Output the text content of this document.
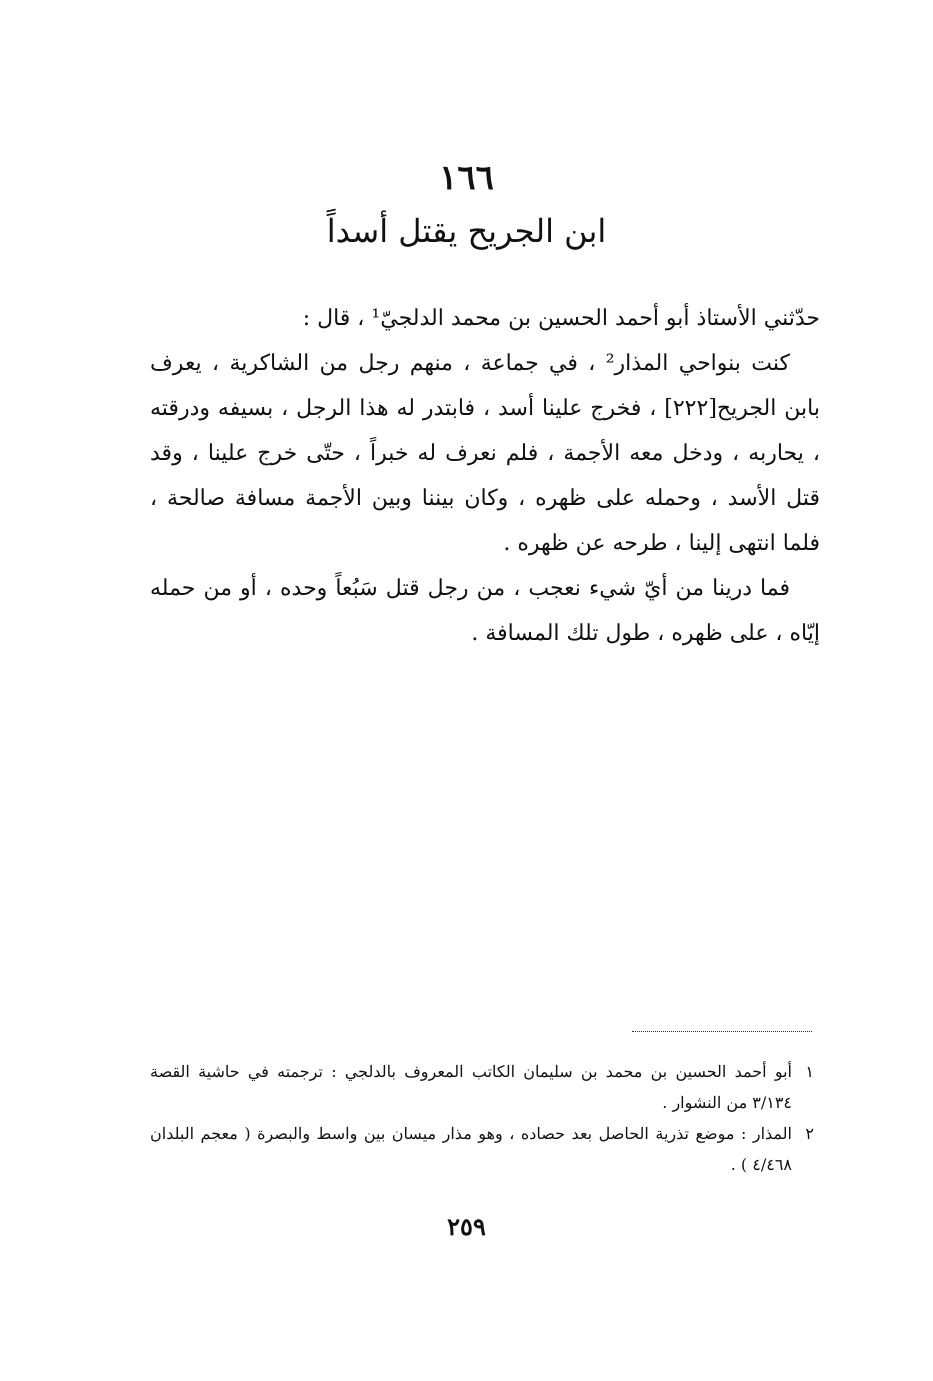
١٦٦
ابن الجريح يقتل أسداً

حدّثني الأستاذ أبو أحمد الحسين بن محمد الدلجيّ¹ ، قال :

كنت بنواحي المذار² ، في جماعة ، منهم رجل من الشاكرية ، يعرف بابن الجريح[٢٢٢] ، فخرج علينا أسد ، فابتدر له هذا الرجل ، بسيفه ودرقته ، يحاربه ، ودخل معه الأجمة ، فلم نعرف له خبراً ، حتّى خرج علينا ، وقد قتل الأسد ، وحمله على ظهره ، وكان بيننا وبين الأجمة مسافة صالحة ، فلما انتهى إلينا ، طرحه عن ظهره .

فما درينا من أيّ شيء نعجب ، من رجل قتل سَبُعاً وحده ، أو من حمله إيّاه ، على ظهره ، طول تلك المسافة .

١
أبو أحمد الحسين بن محمد بن سليمان الكاتب المعروف بالدلجي : ترجمته في حاشية القصة ٣/١٣٤ من النشوار .
٢
المذار : موضع تذرية الحاصل بعد حصاده ، وهو مذار ميسان بين واسط والبصرة ( معجم البلدان ٤/٤٦٨ ) .
٢٥٩
